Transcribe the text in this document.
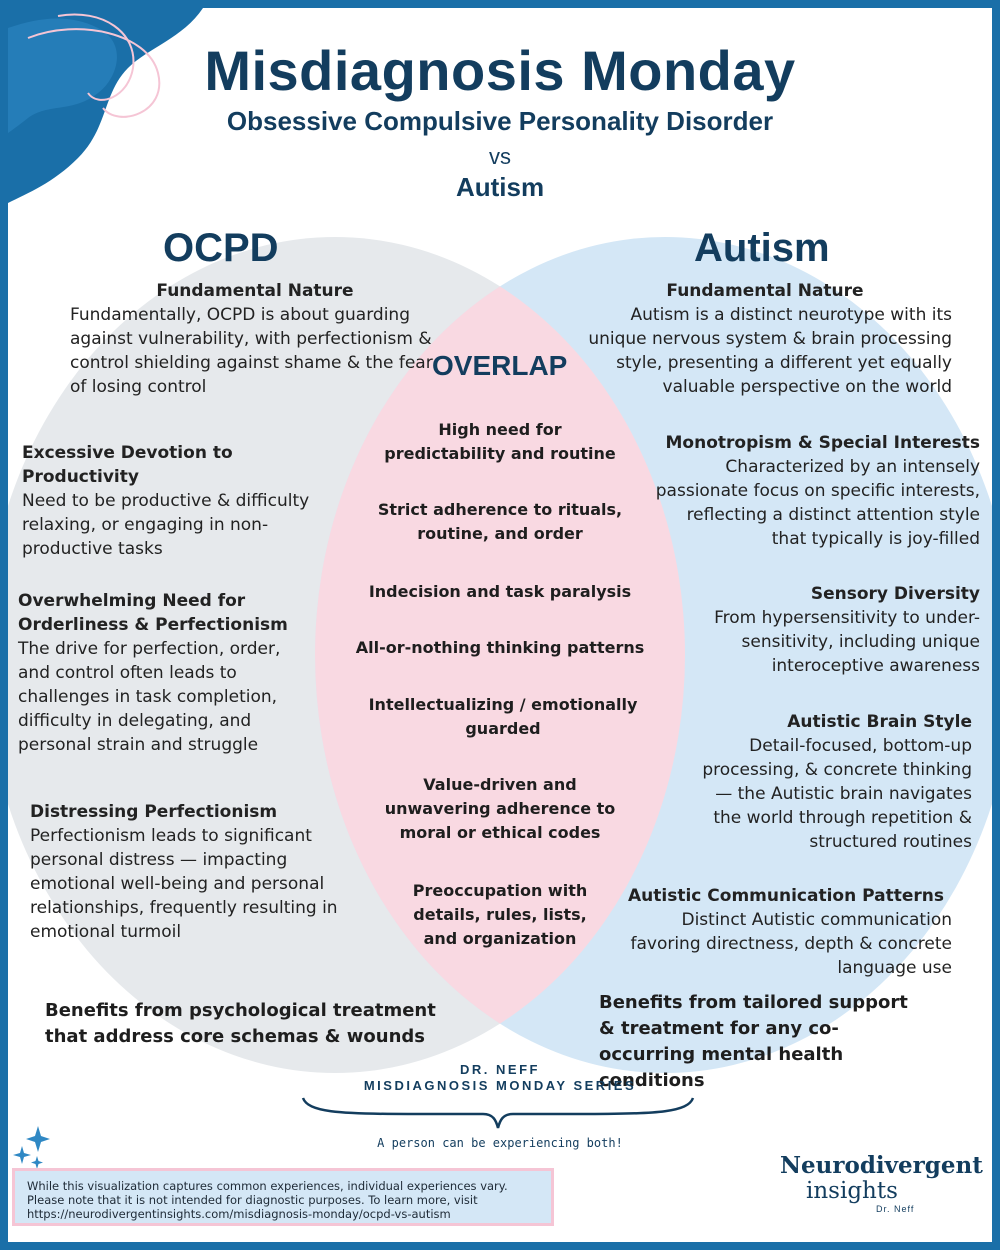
Misdiagnosis Monday
Obsessive Compulsive Personality Disorder
vs
Autism
OCPD	Autism
OVERLAP
Fundamental Nature
Fundamentally, OCPD is about guarding against vulnerability, with perfectionism & control shielding against shame & the fear of losing control
Excessive Devotion to Productivity
Need to be productive & difficulty relaxing, or engaging in non-productive tasks
Overwhelming Need for Orderliness & Perfectionism
The drive for perfection, order, and control often leads to challenges in task completion, difficulty in delegating, and personal strain and struggle
Distressing Perfectionism
Perfectionism leads to significant personal distress — impacting emotional well-being and personal relationships, frequently resulting in emotional turmoil
Benefits from psychological treatment that address core schemas & wounds
High need for predictability and routine
Strict adherence to rituals, routine, and order
Indecision and task paralysis
All-or-nothing thinking patterns
Intellectualizing / emotionally guarded
Value-driven and unwavering adherence to moral or ethical codes
Preoccupation with details, rules, lists, and organization
Fundamental Nature
Autism is a distinct neurotype with its unique nervous system & brain processing style, presenting a different yet equally valuable perspective on the world
Monotropism & Special Interests
Characterized by an intensely passionate focus on specific interests, reflecting a distinct attention style that typically is joy-filled
Sensory Diversity
From hypersensitivity to under-sensitivity, including unique interoceptive awareness
Autistic Brain Style
Detail-focused, bottom-up processing, & concrete thinking — the Autistic brain navigates the world through repetition & structured routines
Autistic Communication Patterns
Distinct Autistic communication favoring directness, depth & concrete language use
Benefits from tailored support & treatment for any co-occurring mental health conditions
DR. NEFF
MISDIAGNOSIS MONDAY SERIES
A person can be experiencing both!
While this visualization captures common experiences, individual experiences vary. Please note that it is not intended for diagnostic purposes. To learn more, visit https://neurodivergentinsights.com/misdiagnosis-monday/ocpd-vs-autism
Neurodivergent
insights
Dr. Neff
